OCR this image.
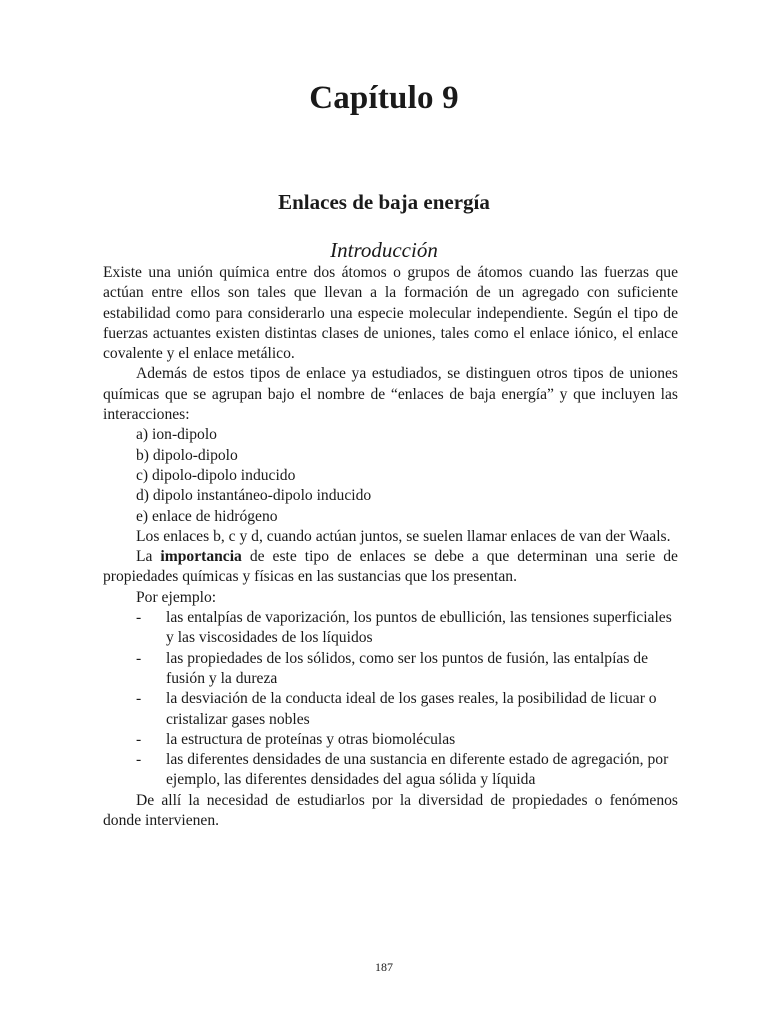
Capítulo 9
Enlaces de baja energía
Introducción

Existe una unión química entre dos átomos o grupos de átomos cuando las fuerzas que actúan entre ellos son tales que llevan a la formación de un agregado con suficiente estabilidad como para considerarlo una especie molecular independiente. Según el tipo de fuerzas actuantes existen distintas clases de uniones, tales como el enlace iónico, el enlace covalente y el enlace metálico.

Además de estos tipos de enlace ya estudiados, se distinguen otros tipos de uniones químicas que se agrupan bajo el nombre de “enlaces de baja energía” y que incluyen las interacciones:

a) ion-dipolo

b) dipolo-dipolo

c) dipolo-dipolo inducido

d) dipolo instantáneo-dipolo inducido

e) enlace de hidrógeno

Los enlaces b, c y d, cuando actúan juntos, se suelen llamar enlaces de van der Waals.

La importancia de este tipo de enlaces se debe a que determinan una serie de propiedades químicas y físicas en las sustancias que los presentan.

Por ejemplo:

-	las entalpías de vaporización, los puntos de ebullición, las tensiones superficiales y las viscosidades de los líquidos
-	las propiedades de los sólidos, como ser los puntos de fusión, las entalpías de fusión y la dureza
-	la desviación de la conducta ideal de los gases reales, la posibilidad de licuar o cristalizar gases nobles
-	la estructura de proteínas y otras biomoléculas
-	las diferentes densidades de una sustancia en diferente estado de agregación, por ejemplo, las diferentes densidades del agua sólida y líquida

De allí la necesidad de estudiarlos por la diversidad de propiedades o fenómenos donde intervienen.

187
